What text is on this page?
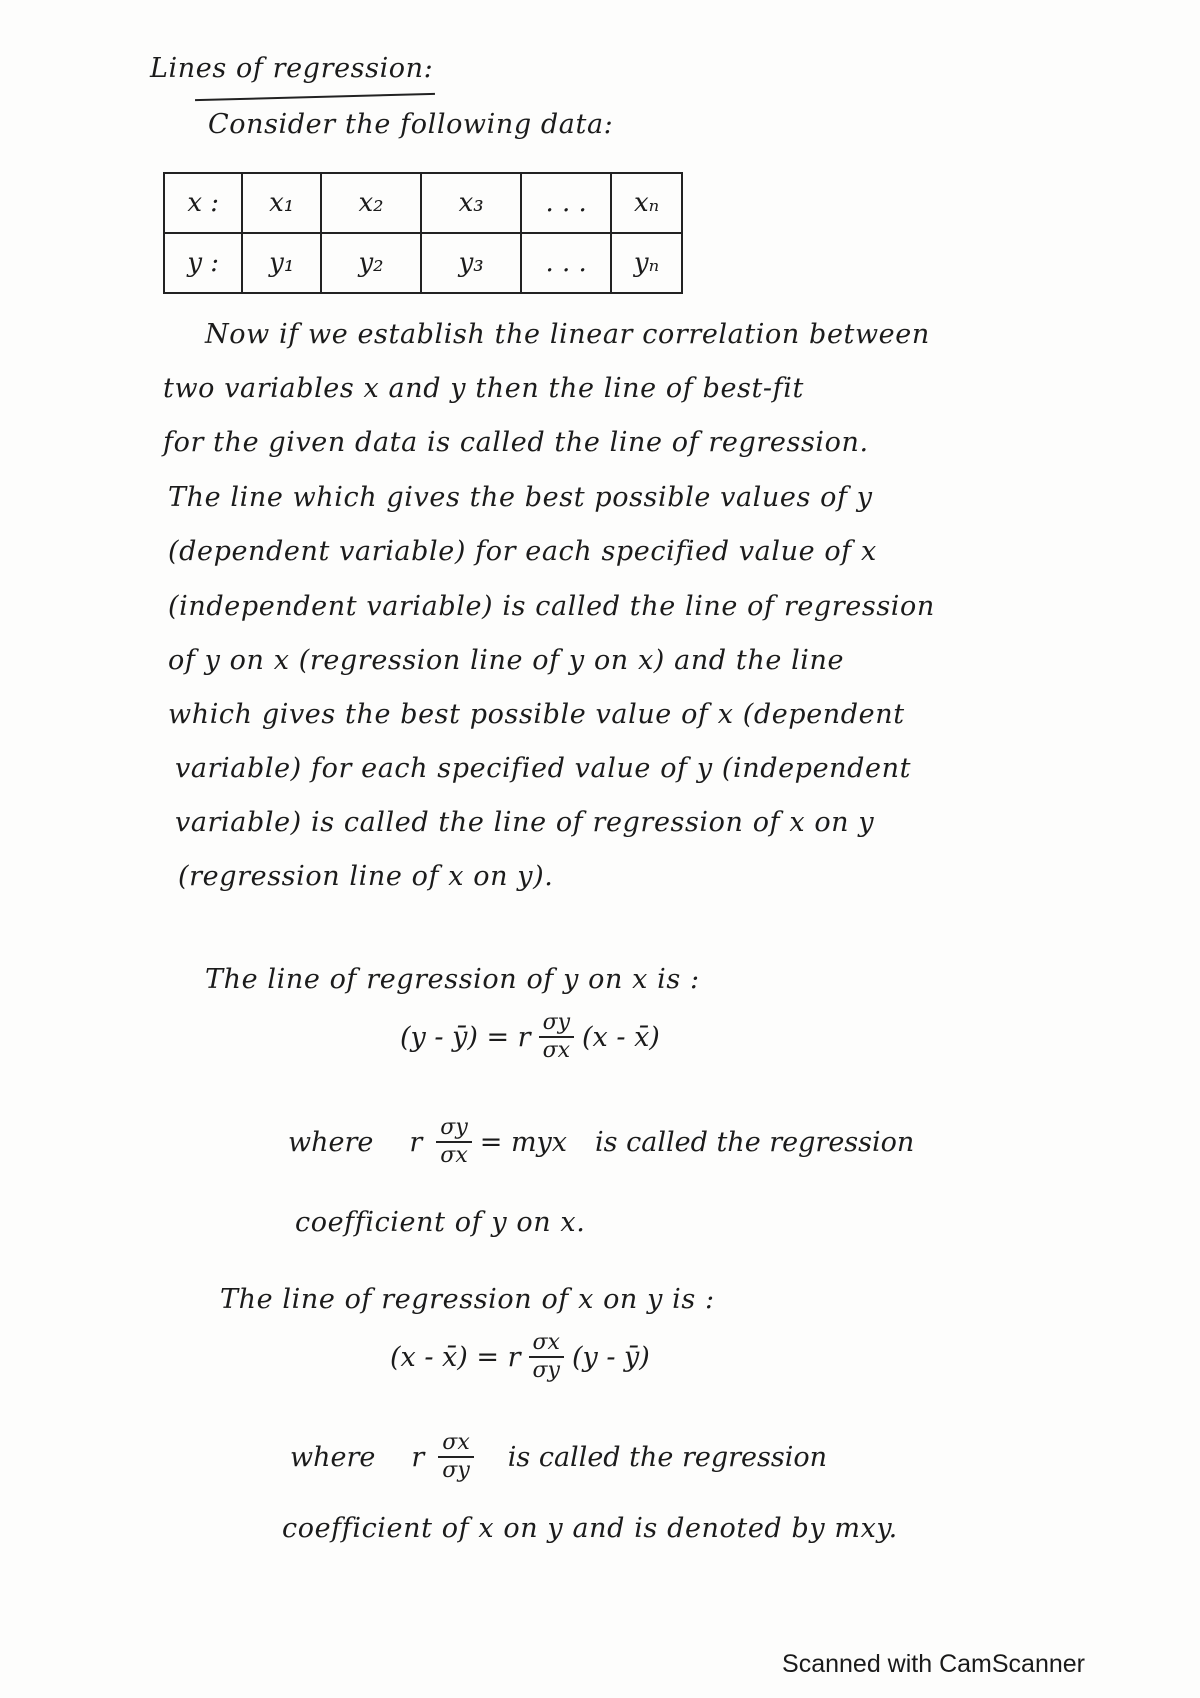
Lines of regression:
Consider the following data:
x :	x₁	x₂	x₃	. . .	xₙ
y :	y₁	y₂	y₃	. . .	yₙ
Now if we establish the linear correlation between
two variables x and y then the line of best-fit
for the given data is called the line of regression.
The line which gives the best possible values of y
(dependent variable) for each specified value of x
(independent variable) is called the line of regression
of y on x (regression line of y on x) and the line
which gives the best possible value of x (dependent
variable) for each specified value of y (independent
variable) is called the line of regression of x on y
(regression line of x on y).
The line of regression of y on x is :
(y - ȳ) = r $\frac{\sigma y}{\sigma x} (x$ - x̄)
where r $\frac{\sigma y}{\sigma x}$ = myx is called the regression
coefficient of y on x.
The line of regression of x on y is :
(x - x̄) = r $\frac{\sigma x}{\sigma y} (y$ - ȳ)
where r $\frac{\sigma x}{\sigma y}$ is called the regression
coefficient of x on y and is denoted by mxy.
Scanned with CamScanner
